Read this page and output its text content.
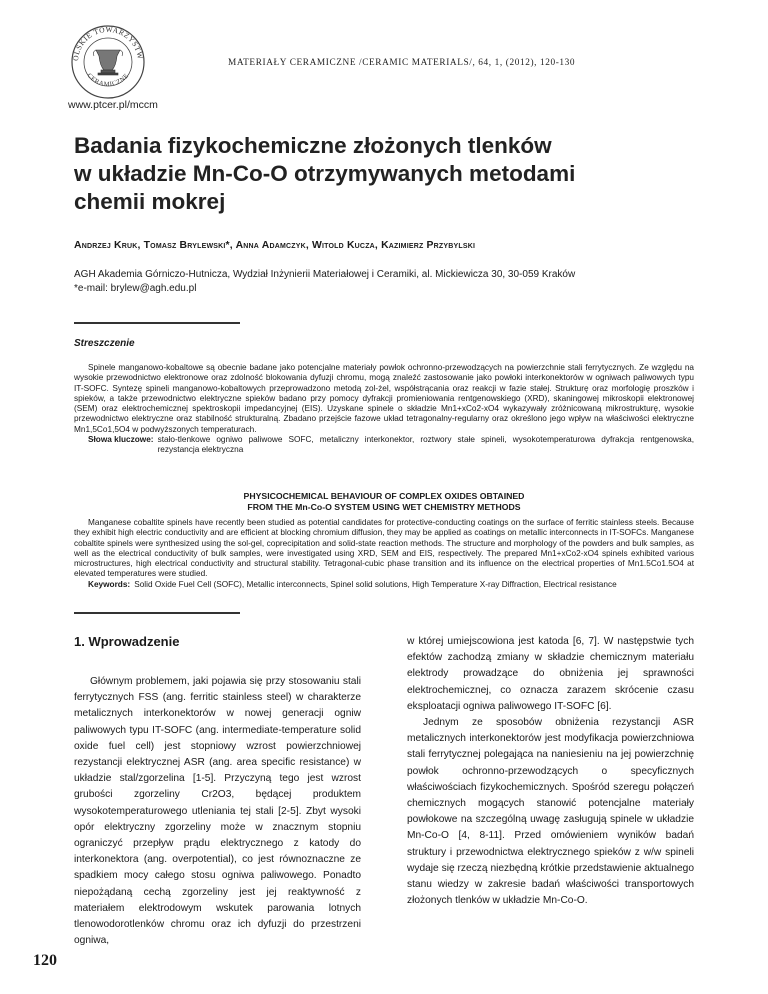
OLSKIE TOWARZYSTW
CERAMICZNE
MATERIAŁY CERAMICZNE /CERAMIC MATERIALS/, 64, 1, (2012), 120-130
www.ptcer.pl/mccm
Badania fizykochemiczne złożonych tlenków
w układzie Mn-Co-O otrzymywanych metodami
chemii mokrej
Andrzej Kruk, Tomasz Brylewski*, Anna Adamczyk, Witold Kucza, Kazimierz Przybylski
AGH Akademia Górniczo-Hutnicza, Wydział Inżynierii Materiałowej i Ceramiki, al. Mickiewicza 30, 30-059 Kraków
*e-mail: brylew@agh.edu.pl
Streszczenie

Spinele manganowo-kobaltowe są obecnie badane jako potencjalne materiały powłok ochronno-przewodzących na powierzchnie stali ferrytycznych. Ze względu na wysokie przewodnictwo elektronowe oraz zdolność blokowania dyfuzji chromu, mogą znaleźć zastosowanie jako powłoki interkonektorów w ogniwach paliwowych typu IT-SOFC. Syntezę spineli manganowo-kobaltowych przeprowadzono metodą zol-żel, współstrącania oraz reakcji w fazie stałej. Strukturę oraz morfologię proszków i spieków, a także przewodnictwo elektryczne spieków badano przy pomocy dyfrakcji promieniowania rentgenowskiego (XRD), skaningowej mikroskopii elektronowej (SEM) oraz elektrochemicznej spektroskopii impedancyjnej (EIS). Uzyskane spinele o składzie Mn1+xCo2-xO4 wykazywały zróżnicowaną mikrostrukturę, wysokie przewodnictwo elektryczne oraz stabilność strukturalną. Zbadano przejście fazowe układ tetragonalny-regularny oraz określono jego wpływ na właściwości elektryczne Mn1,5Co1,5O4 w podwyższonych temperaturach.

Słowa kluczowe: stało-tlenkowe ogniwo paliwowe SOFC, metaliczny interkonektor, roztwory stałe spineli, wysokotemperaturowa dyfrakcja rentgenowska, rezystancja elektryczna
PHYSICOCHEMICAL BEHAVIOUR OF COMPLEX OXIDES OBTAINED
FROM THE Mn-Co-O SYSTEM USING WET CHEMISTRY METHODS

Manganese cobaltite spinels have recently been studied as potential candidates for protective-conducting coatings on the surface of ferritic stainless steels. Because they exhibit high electric conductivity and are efficient at blocking chromium diffusion, they may be applied as coatings on metallic interconnects in IT-SOFCs. Manganese cobaltite spinels were synthesized using the sol-gel, coprecipitation and solid-state reaction methods. The structure and morphology of the powders and bulk samples, as well as the electrical conductivity of bulk samples, were investigated using XRD, SEM and EIS, respectively. The prepared Mn1+xCo2-xO4 spinels exhibited various microstructures, high electrical conductivity and structural stability. Tetragonal-cubic phase transition and its influence on the electrical properties of Mn1.5Co1.5O4 at elevated temperatures were studied.

Keywords: Solid Oxide Fuel Cell (SOFC), Metallic interconnects, Spinel solid solutions, High Temperature X-ray Diffraction, Electrical resistance
1. Wprowadzenie

Głównym problemem, jaki pojawia się przy stosowaniu stali ferrytycznych FSS (ang. ferritic stainless steel) w charakterze metalicznych interkonektorów w nowej generacji ogniw paliwowych typu IT-SOFC (ang. intermediate-temperature solid oxide fuel cell) jest stopniowy wzrost powierzchniowej rezystancji elektrycznej ASR (ang. area specific resistance) w układzie stal/zgorzelina [1-5]. Przyczyną tego jest wzrost grubości zgorzeliny Cr2O3, będącej produktem wysokotemperaturowego utleniania tej stali [2-5]. Zbyt wysoki opór elektryczny zgorzeliny może w znacznym stopniu ograniczyć przepływ prądu elektrycznego z katody do interkonektora (ang. overpotential), co jest równoznaczne ze spadkiem mocy całego stosu ogniwa paliwowego. Ponadto niepożądaną cechą zgorzeliny jest jej reaktywność z materiałem elektrodowym wskutek parowania lotnych tlenowodorotlenków chromu oraz ich dyfuzji do przestrzeni ogniwa,

w której umiejscowiona jest katoda [6, 7]. W następstwie tych efektów zachodzą zmiany w składzie chemicznym materiału elektrody prowadzące do obniżenia jej sprawności elektrochemicznej, co oznacza zarazem skrócenie czasu eksploatacji ogniwa paliwowego IT-SOFC [6].

Jednym ze sposobów obniżenia rezystancji ASR metalicznych interkonektorów jest modyfikacja powierzchniowa stali ferrytycznej polegająca na naniesieniu na jej powierzchnię powłok ochronno-przewodzących o specyficznych właściwościach fizykochemicznych. Spośród szeregu połączeń chemicznych mogących stanowić potencjalne materiały powłokowe na szczególną uwagę zasługują spinele w układzie Mn-Co-O [4, 8-11]. Przed omówieniem wyników badań struktury i przewodnictwa elektrycznego spieków z w/w spineli wydaje się rzeczą niezbędną krótkie przedstawienie aktualnego stanu wiedzy w zakresie badań właściwości transportowych złożonych tlenków w układzie Mn-Co-O.

120
